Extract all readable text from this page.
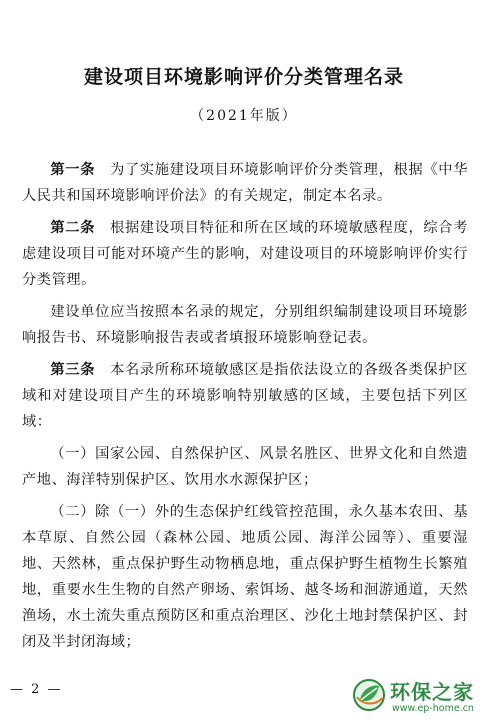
建设项目环境影响评价分类管理名录
（2021年版）

第一条　为了实施建设项目环境影响评价分类管理，根据《中华人民共和国环境影响评价法》的有关规定，制定本名录。

第二条　根据建设项目特征和所在区域的环境敏感程度，综合考虑建设项目可能对环境产生的影响，对建设项目的环境影响评价实行分类管理。

建设单位应当按照本名录的规定，分别组织编制建设项目环境影响报告书、环境影响报告表或者填报环境影响登记表。

第三条　本名录所称环境敏感区是指依法设立的各级各类保护区域和对建设项目产生的环境影响特别敏感的区域，主要包括下列区域：

（一）国家公园、自然保护区、风景名胜区、世界文化和自然遗产地、海洋特别保护区、饮用水水源保护区；

（二）除（一）外的生态保护红线管控范围，永久基本农田、基本草原、自然公园（森林公园、地质公园、海洋公园等）、重要湿地、天然林，重点保护野生动物栖息地，重点保护野生植物生长繁殖地，重要水生生物的自然产卵场、索饵场、越冬场和洄游通道，天然渔场，水土流失重点预防区和重点治理区、沙化土地封禁保护区、封闭及半封闭海域；

— 2 —	环保之家
www.ep-home.cn
